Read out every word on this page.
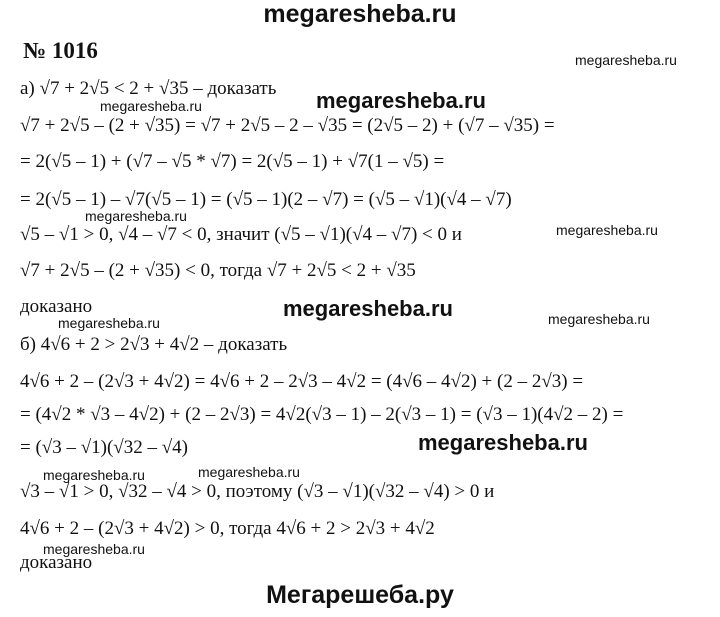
megaresheba.ru
№ 1016
а) √7 + 2√5 < 2 + √35 – доказать
√7 + 2√5 – (2 + √35) = √7 + 2√5 – 2 – √35 = (2√5 – 2) + (√7 – √35) =
= 2(√5 – 1) + (√7 – √5 * √7) = 2(√5 – 1) + √7(1 – √5) =
= 2(√5 – 1) – √7(√5 – 1) = (√5 – 1)(2 – √7) = (√5 – √1)(√4 – √7)
√5 – √1 > 0, √4 – √7 < 0, значит (√5 – √1)(√4 – √7) < 0 и
√7 + 2√5 – (2 + √35) < 0, тогда √7 + 2√5 < 2 + √35
доказано
б) 4√6 + 2 > 2√3 + 4√2 – доказать
4√6 + 2 – (2√3 + 4√2) = 4√6 + 2 – 2√3 – 4√2 = (4√6 – 4√2) + (2 – 2√3) =
= (4√2 * √3 – 4√2) + (2 – 2√3) = 4√2(√3 – 1) – 2(√3 – 1) = (√3 – 1)(4√2 – 2) =
= (√3 – √1)(√32 – √4)
√3 – √1 > 0, √32 – √4 > 0, поэтому (√3 – √1)(√32 – √4) > 0 и
4√6 + 2 – (2√3 + 4√2) > 0, тогда 4√6 + 2 > 2√3 + 4√2
доказано
megaresheba.ru
megaresheba.ru	megaresheba.ru
megaresheba.ru
megaresheba.ru
megaresheba.ru
megaresheba.ru	megaresheba.ru
megaresheba.ru
megaresheba.ru	megaresheba.ru
megaresheba.ru
Мегарешеба.ру
